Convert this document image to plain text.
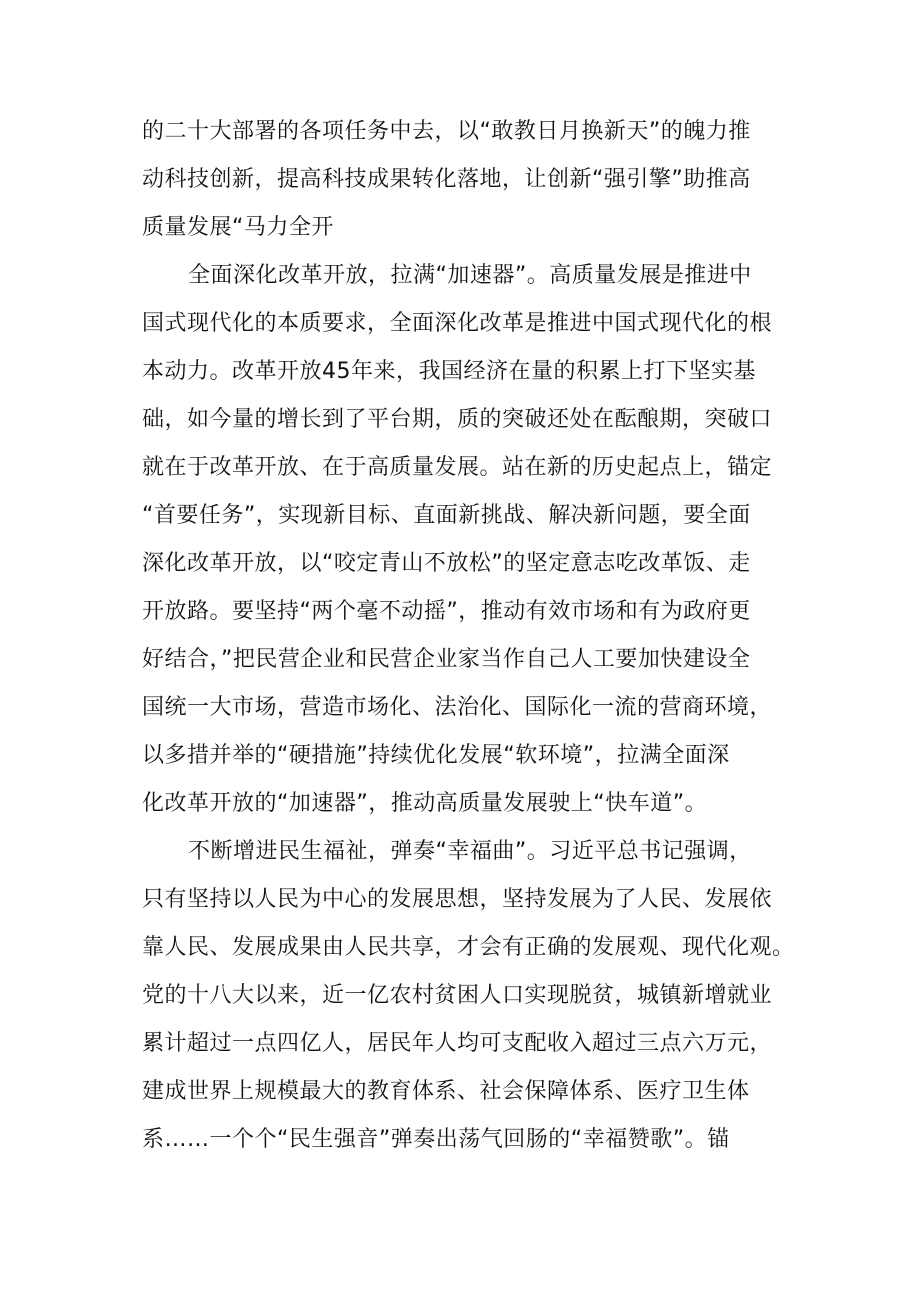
的二十大部署的各项任务中去，以“敢教日月换新天”的魄力推
动科技创新，提高科技成果转化落地，让创新“强引擎”助推高
质量发展“马力全开
全面深化改革开放，拉满“加速器”。高质量发展是推进中
国式现代化的本质要求，全面深化改革是推进中国式现代化的根
本动力。改革开放45年来，我国经济在量的积累上打下坚实基
础，如今量的增长到了平台期，质的突破还处在酝酿期，突破口
就在于改革开放、在于高质量发展。站在新的历史起点上，锚定
“首要任务”，实现新目标、直面新挑战、解决新问题，要全面
深化改革开放，以“咬定青山不放松”的坚定意志吃改革饭、走
开放路。要坚持“两个毫不动摇”，推动有效市场和有为政府更
好结合，”把民营企业和民营企业家当作自己人工要加快建设全
国统一大市场，营造市场化、法治化、国际化一流的营商环境，
以多措并举的“硬措施”持续优化发展“软环境”，拉满全面深
化改革开放的“加速器”，推动高质量发展驶上“快车道”。
不断增进民生福祉，弹奏“幸福曲”。习近平总书记强调，
只有坚持以人民为中心的发展思想，坚持发展为了人民、发展依
靠人民、发展成果由人民共享，才会有正确的发展观、现代化观。
党的十八大以来，近一亿农村贫困人口实现脱贫，城镇新增就业
累计超过一点四亿人，居民年人均可支配收入超过三点六万元，
建成世界上规模最大的教育体系、社会保障体系、医疗卫生体
系……一个个“民生强音”弹奏出荡气回肠的“幸福赞歌”。锚
